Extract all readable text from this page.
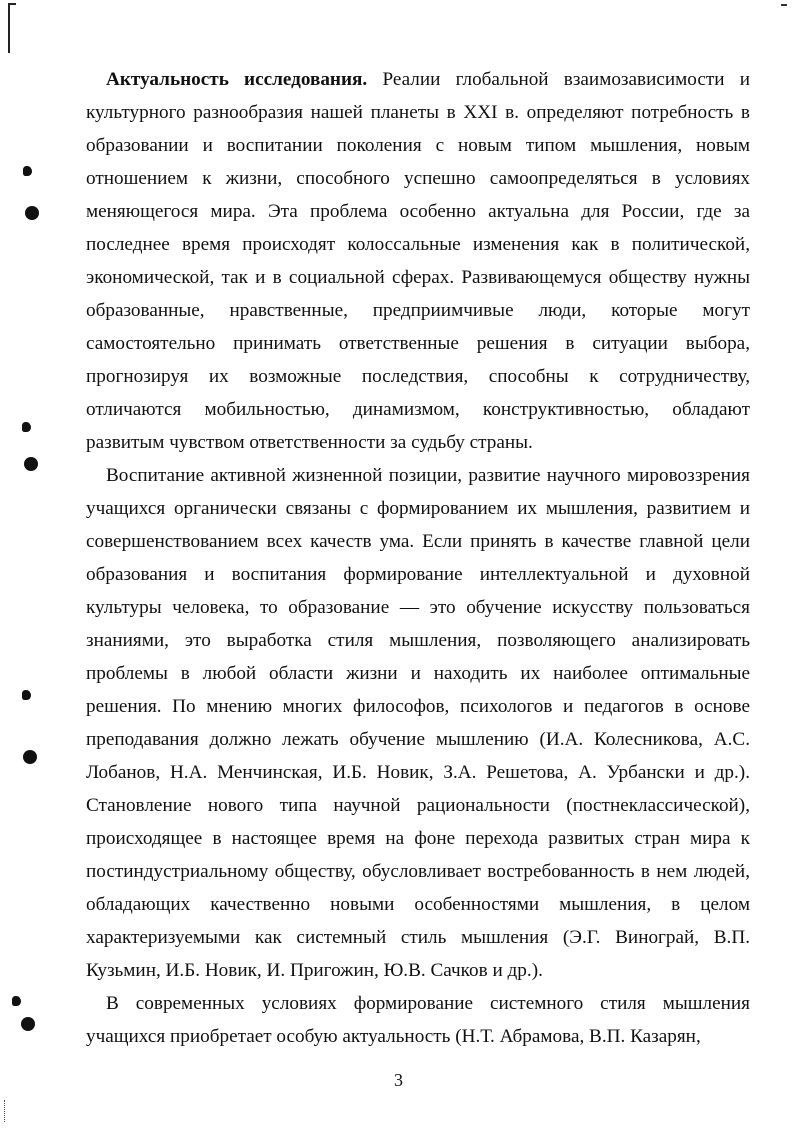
Актуальность исследования. Реалии глобальной взаимозависимости и культурного разнообразия нашей планеты в XXI в. определяют потребность в образовании и воспитании поколения с новым типом мышления, новым отношением к жизни, способного успешно самоопределяться в условиях меняющегося мира. Эта проблема особенно актуальна для России, где за последнее время происходят колоссальные изменения как в политической, экономической, так и в социальной сферах. Развивающемуся обществу нужны образованные, нравственные, предприимчивые люди, которые могут самостоятельно принимать ответственные решения в ситуации выбора, прогнозируя их возможные последствия, способны к сотрудничеству, отличаются мобильностью, динамизмом, конструктивностью, обладают развитым чувством ответственности за судьбу страны.

Воспитание активной жизненной позиции, развитие научного мировоззрения учащихся органически связаны с формированием их мышления, развитием и совершенствованием всех качеств ума. Если принять в качестве главной цели образования и воспитания формирование интеллектуальной и духовной культуры человека, то образование — это обучение искусству пользоваться знаниями, это выработка стиля мышления, позволяющего анализировать проблемы в любой области жизни и находить их наиболее оптимальные решения. По мнению многих философов, психологов и педагогов в основе преподавания должно лежать обучение мышлению (И.А. Колесникова, А.С. Лобанов, Н.А. Менчинская, И.Б. Новик, З.А. Решетова, А. Урбански и др.). Становление нового типа научной рациональности (постнеклассической), происходящее в настоящее время на фоне перехода развитых стран мира к постиндустриальному обществу, обусловливает востребованность в нем людей, обладающих качественно новыми особенностями мышления, в целом характеризуемыми как системный стиль мышления (Э.Г. Винограй, В.П. Кузьмин, И.Б. Новик, И. Пригожин, Ю.В. Сачков и др.).

В современных условиях формирование системного стиля мышления учащихся приобретает особую актуальность (Н.Т. Абрамова, В.П. Казарян,

3
